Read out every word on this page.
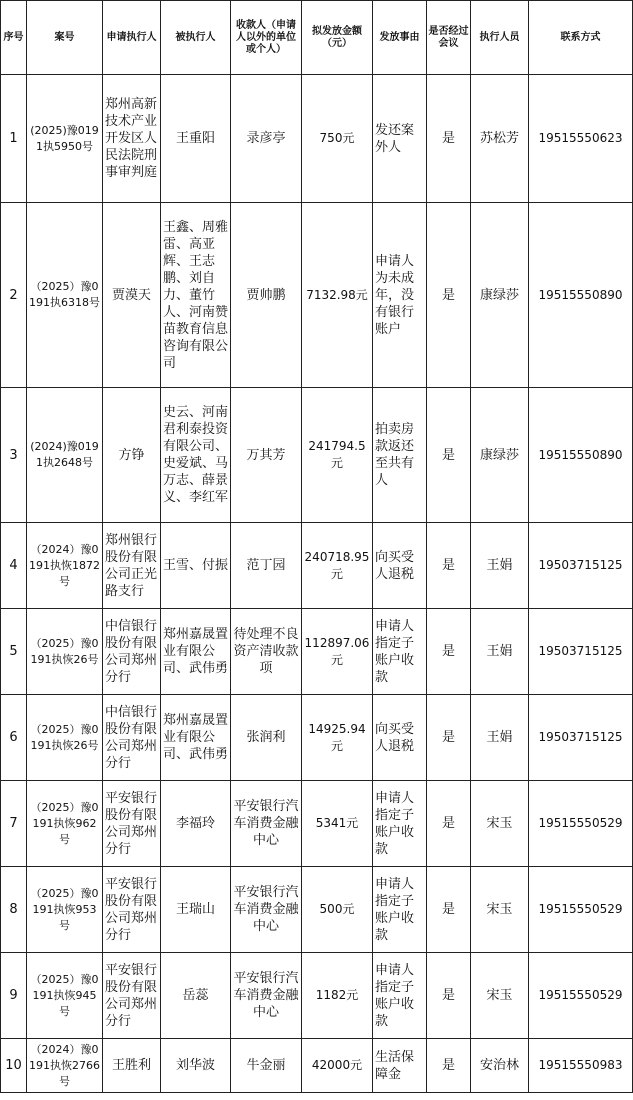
序号	案号	申请执行人	被执行人	收款人（申请人以外的单位或个人）	拟发放金额（元）	发放事由	是否经过会议	执行人员	联系方式
1	(2025)豫0191执5950号	郑州高新技术产业开发区人民法院刑事审判庭	王重阳	录彦亭	750元	发还案外人	是	苏松芳	19515550623
2	（2025）豫0191执6318号	贾漠天	王鑫、周雅雷、高亚辉、王志鹏、刘自力、董竹人、河南赞苗教育信息咨询有限公司	贾帅鹏	7132.98元	申请人为未成年，没有银行账户	是	康绿莎	19515550890
3	(2024)豫0191执2648号	方铮	史云、河南君利泰投资有限公司、史爱斌、马万志、薛景义、李红军	万其芳	241794.5元	拍卖房款返还至共有人	是	康绿莎	19515550890
4	（2024）豫0191执恢1872号	郑州银行股份有限公司正光路支行	王雪、付振	范丁园	240718.95元	向买受人退税	是	王娟	19503715125
5	（2025）豫0191执恢26号	中信银行股份有限公司郑州分行	郑州嘉晟置业有限公司、武伟勇	待处理不良资产清收款项	112897.06元	申请人指定子账户收款	是	王娟	19503715125
6	（2025）豫0191执恢26号	中信银行股份有限公司郑州分行	郑州嘉晟置业有限公司、武伟勇	张润利	14925.94元	向买受人退税	是	王娟	19503715125
7	（2025）豫0191执恢962号	平安银行股份有限公司郑州分行	李福玲	平安银行汽车消费金融中心	5341元	申请人指定子账户收款	是	宋玉	19515550529
8	（2025）豫0191执恢953号	平安银行股份有限公司郑州分行	王瑞山	平安银行汽车消费金融中心	500元	申请人指定子账户收款	是	宋玉	19515550529
9	（2025）豫0191执恢945号	平安银行股份有限公司郑州分行	岳蕊	平安银行汽车消费金融中心	1182元	申请人指定子账户收款	是	宋玉	19515550529
10	（2024）豫0191执恢2766号	王胜利	刘华波	牛金丽	42000元	生活保障金	是	安治林	19515550983
